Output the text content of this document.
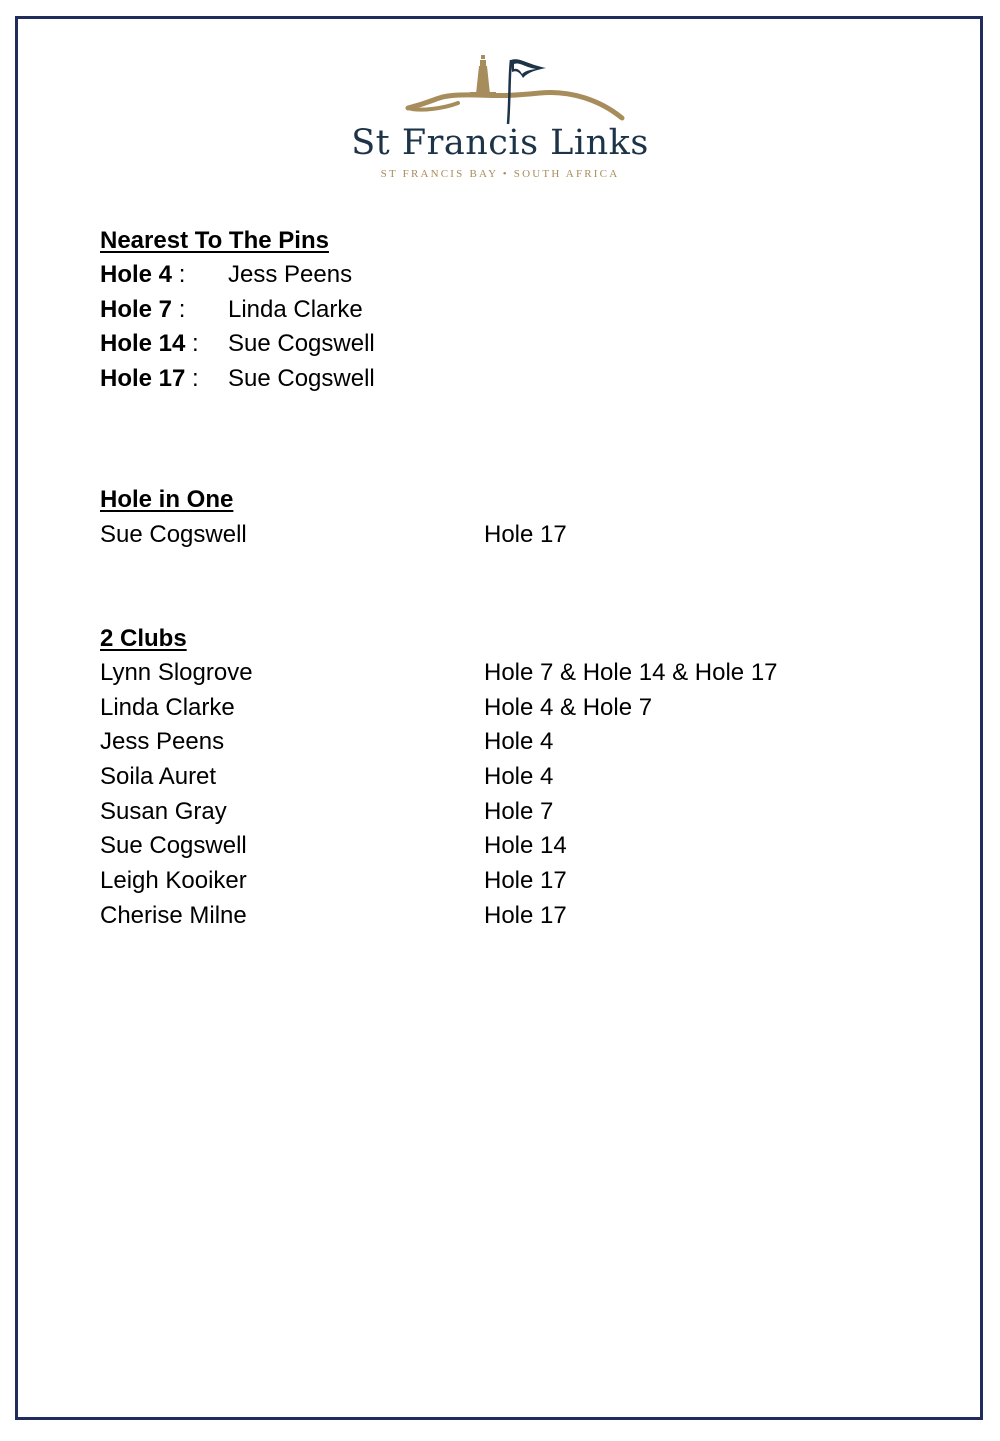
St Francis Links
ST FRANCIS BAY • SOUTH AFRICA
Nearest To The Pins
Hole 4 : Jess Peens
Hole 7 : Linda Clarke
Hole 14 : Sue Cogswell
Hole 17 : Sue Cogswell
Hole in One
Sue Cogswell	Hole 17
2 Clubs
Lynn Slogrove	Hole 7 & Hole 14 & Hole 17
Linda Clarke	Hole 4 & Hole 7
Jess Peens	Hole 4
Soila Auret	Hole 4
Susan Gray	Hole 7
Sue Cogswell	Hole 14
Leigh Kooiker	Hole 17
Cherise Milne	Hole 17
